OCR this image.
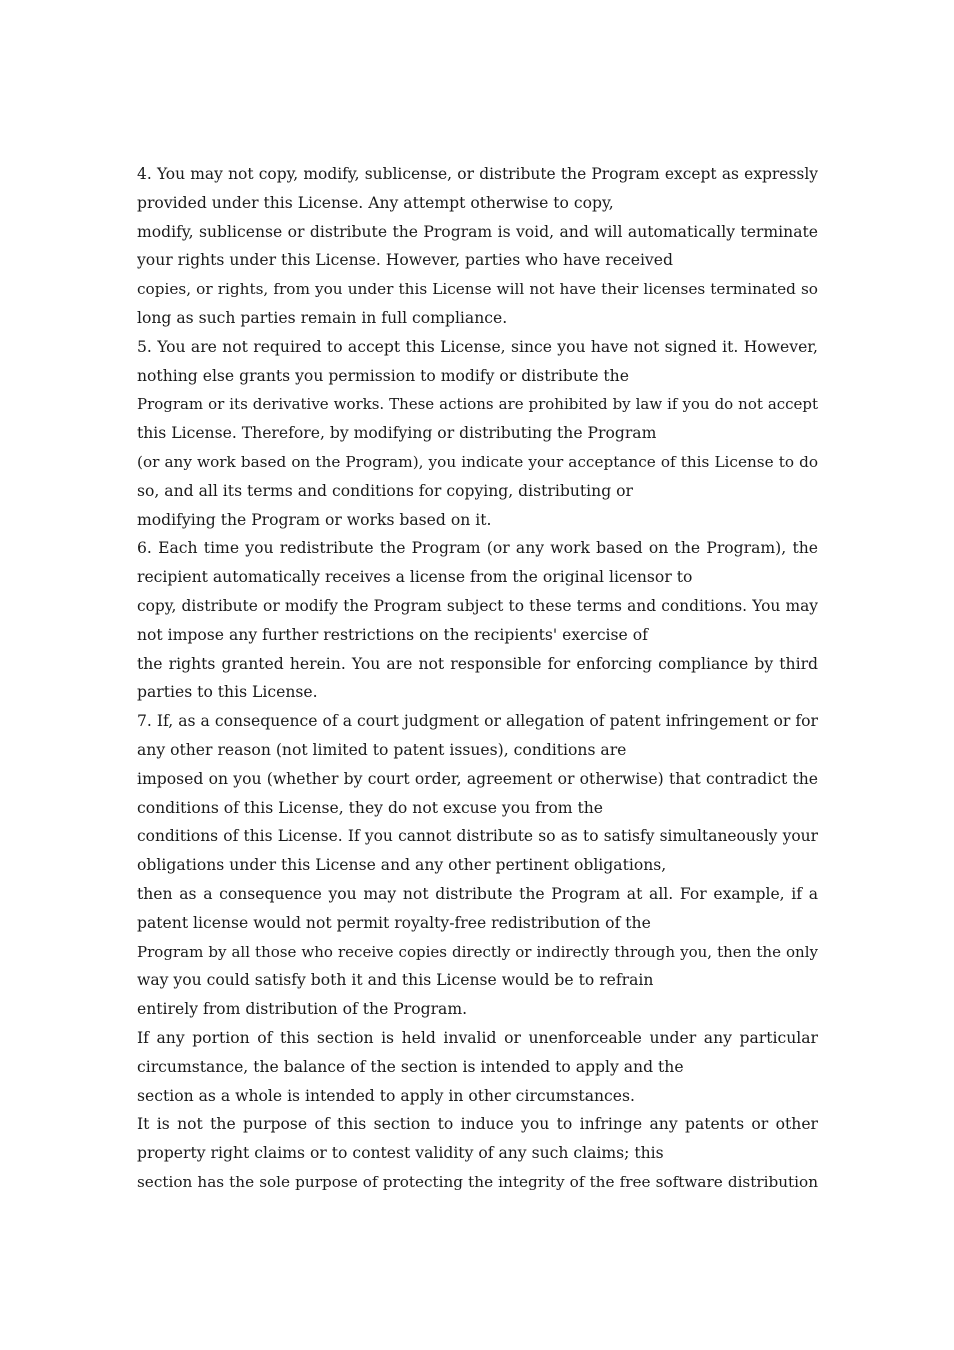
4. You may not copy, modify, sublicense, or distribute the Program except as expressly
provided under this License. Any attempt otherwise to copy,
modify, sublicense or distribute the Program is void, and will automatically terminate
your rights under this License. However, parties who have received
copies, or rights, from you under this License will not have their licenses terminated so
long as such parties remain in full compliance.
5. You are not required to accept this License, since you have not signed it. However,
nothing else grants you permission to modify or distribute the
Program or its derivative works. These actions are prohibited by law if you do not accept
this License. Therefore, by modifying or distributing the Program
(or any work based on the Program), you indicate your acceptance of this License to do
so, and all its terms and conditions for copying, distributing or
modifying the Program or works based on it.
6. Each time you redistribute the Program (or any work based on the Program), the
recipient automatically receives a license from the original licensor to
copy, distribute or modify the Program subject to these terms and conditions. You may
not impose any further restrictions on the recipients' exercise of
the rights granted herein. You are not responsible for enforcing compliance by third
parties to this License.
7. If, as a consequence of a court judgment or allegation of patent infringement or for
any other reason (not limited to patent issues), conditions are
imposed on you (whether by court order, agreement or otherwise) that contradict the
conditions of this License, they do not excuse you from the
conditions of this License. If you cannot distribute so as to satisfy simultaneously your
obligations under this License and any other pertinent obligations,
then as a consequence you may not distribute the Program at all. For example, if a
patent license would not permit royalty-free redistribution of the
Program by all those who receive copies directly or indirectly through you, then the only
way you could satisfy both it and this License would be to refrain
entirely from distribution of the Program.
If any portion of this section is held invalid or unenforceable under any particular
circumstance, the balance of the section is intended to apply and the
section as a whole is intended to apply in other circumstances.
It is not the purpose of this section to induce you to infringe any patents or other
property right claims or to contest validity of any such claims; this
section has the sole purpose of protecting the integrity of the free software distribution
